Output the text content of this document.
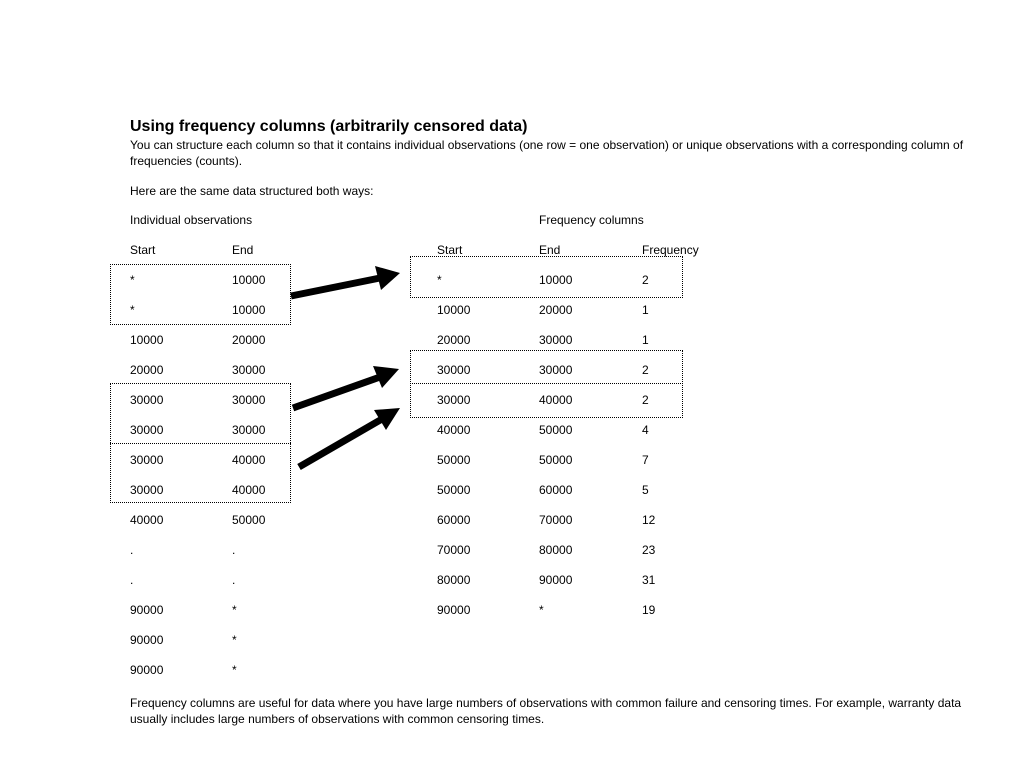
Using frequency columns (arbitrarily censored data)
You can structure each column so that it contains individual observations (one row = one observation) or unique observations with a corresponding column of frequencies (counts).
Here are the same data structured both ways:
Individual observations	Frequency columns
Start	End
*	10000
*	10000
10000	20000
20000	30000
30000	30000
30000	30000
30000	40000
30000	40000
40000	50000
.	.
.	.
90000	*
90000	*
90000	*
Start	End	Frequency
*	10000	2
10000	20000	1
20000	30000	1
30000	30000	2
30000	40000	2
40000	50000	4
50000	50000	7
50000	60000	5
60000	70000	12
70000	80000	23
80000	90000	31
90000	*	19
Frequency columns are useful for data where you have large numbers of observations with common failure and censoring times. For example, warranty data usually includes large numbers of observations with common censoring times.
